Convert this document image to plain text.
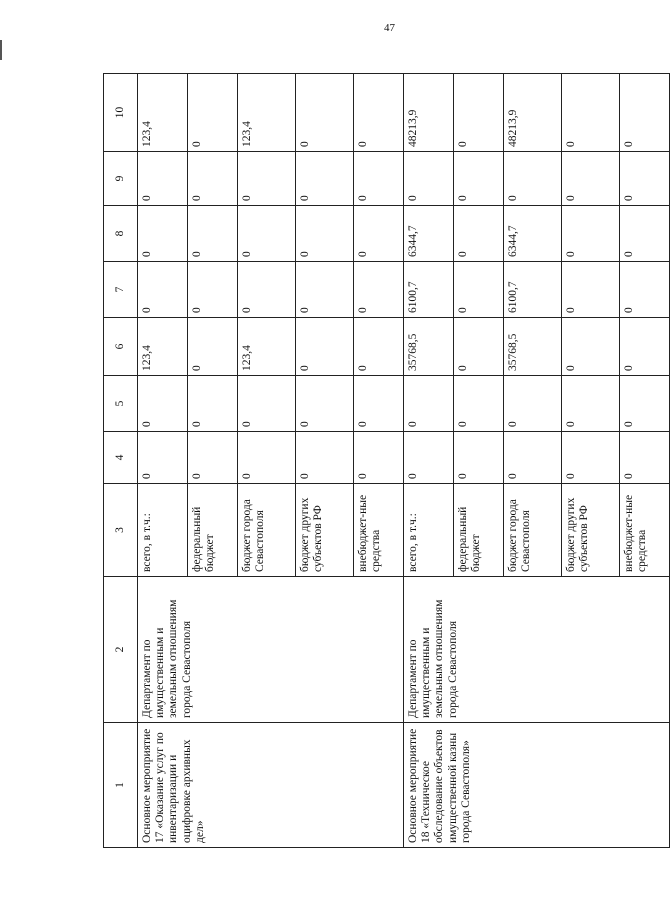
47
1	2	3	4	5	6	7	8	9	10
Основное мероприятие 17 «Оказание услуг по инвентаризации и оцифровке архивных дел»	Департамент по имущественным и земельным отношениям города Севастополя	всего, в т.ч.:	0	0	123,4	0	0	0	123,4
		федеральный бюджет	0	0	0	0	0	0	0
		бюджет города Севастополя	0	0	123,4	0	0	0	123,4
		бюджет других субъектов РФ	0	0	0	0	0	0	0
		внебюджет-ные средства	0	0	0	0	0	0	0
Основное мероприятие 18 «Техническое обследование объектов имущественной казны города Севастополя»	Департамент по имущественным и земельным отношениям города Севастополя	всего, в т.ч.:	0	0	35768,5	6100,7	6344,7	0	48213,9
		федеральный бюджет	0	0	0	0	0	0	0
		бюджет города Севастополя	0	0	35768,5	6100,7	6344,7	0	48213,9
		бюджет других субъектов РФ	0	0	0	0	0	0	0
		внебюджет-ные средства	0	0	0	0	0	0	0
